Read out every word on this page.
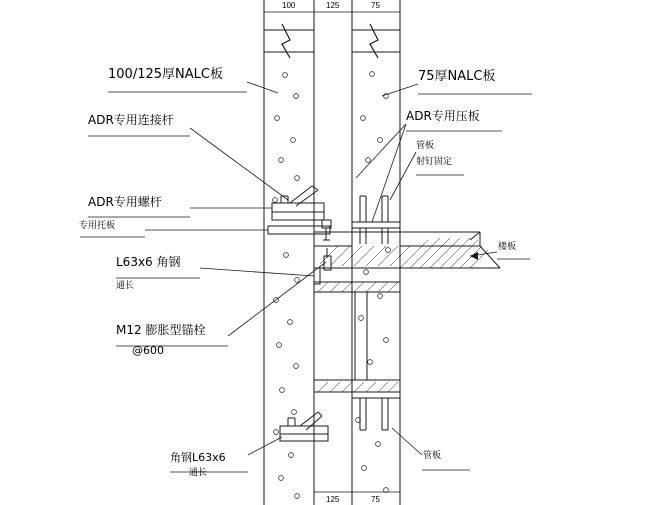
100/125厚NALC板	75厚NALC板
ADR专用连接杆	ADR专用压板
管板
射钉固定
ADR专用螺杆
专用托板
楼板
L63x6 角钢
通长
M12 膨胀型锚栓
@600
角钢L63x6
通长
管板
100	125	75
125	75
